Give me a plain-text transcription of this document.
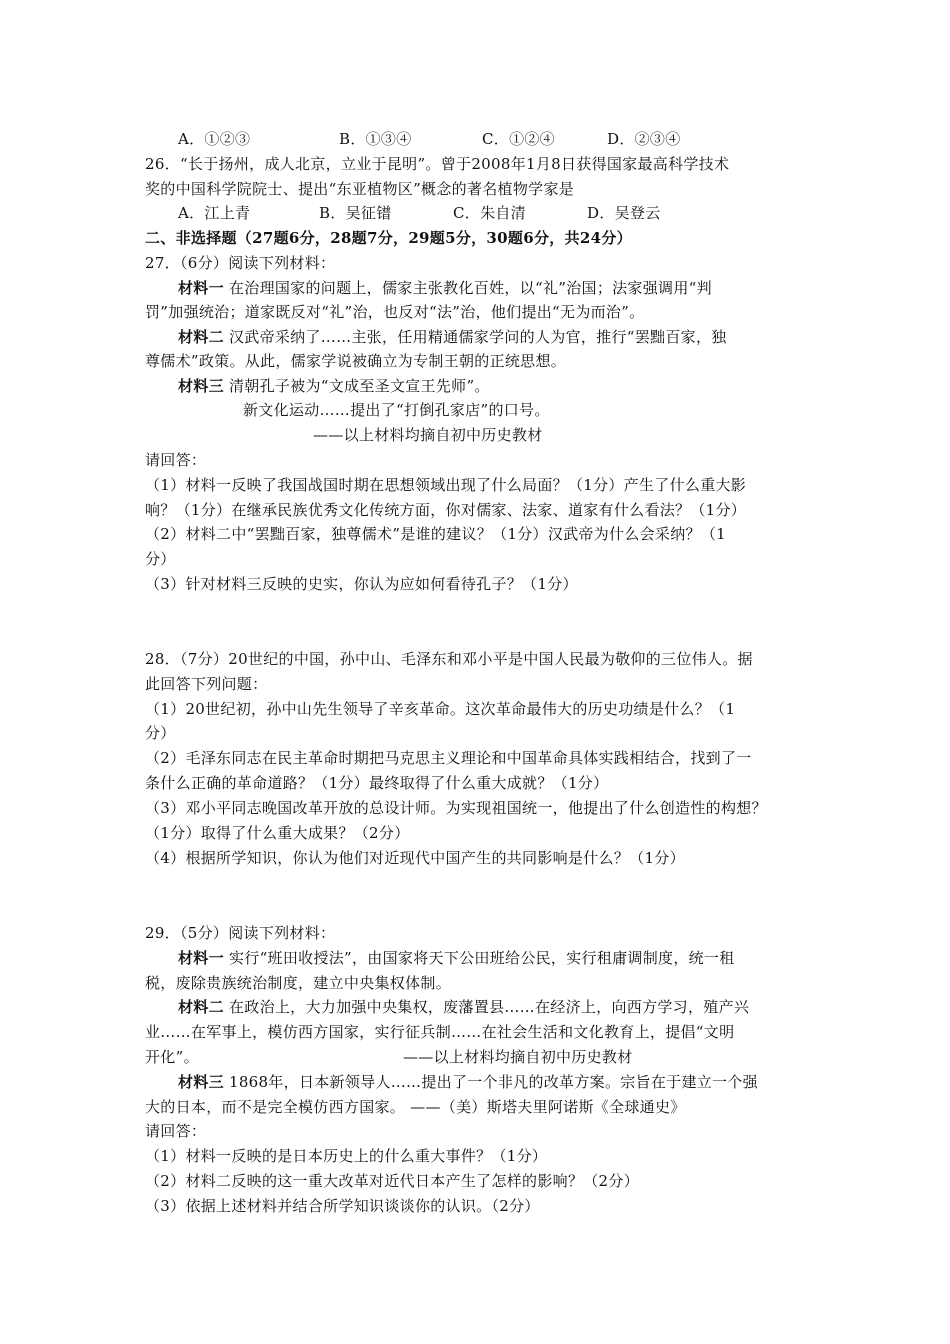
A．①②③	B．①③④	C．①②④	D．②③④
26．“长于扬州，成人北京，立业于昆明”。曾于2008年1月8日获得国家最高科学技术
奖的中国科学院院士、提出“东亚植物区”概念的著名植物学家是
A．江上青	B．吴征镨	C．朱自清	D．吴登云
二、非选择题（27题6分，28题7分，29题5分，30题6分，共24分）
27．（6分）阅读下列材料：
材料一 在治理国家的问题上，儒家主张教化百姓，以“礼”治国；法家强调用“判
罚”加强统治；道家既反对“礼”治，也反对“法”治，他们提出“无为而治”。
材料二 汉武帝采纳了……主张，任用精通儒家学问的人为官，推行“罢黜百家，独
尊儒术”政策。从此，儒家学说被确立为专制王朝的正统思想。
材料三 清朝孔子被为“文成至圣文宣王先师”。
新文化运动……提出了“打倒孔家店”的口号。
——以上材料均摘自初中历史教材
请回答：
（1）材料一反映了我国战国时期在思想领域出现了什么局面？（1分）产生了什么重大影
响？（1分）在继承民族优秀文化传统方面，你对儒家、法家、道家有什么看法？（1分）
（2）材料二中“罢黜百家，独尊儒术”是谁的建议？（1分）汉武帝为什么会采纳？（1
分）
（3）针对材料三反映的史实，你认为应如何看待孔子？（1分）
28．（7分）20世纪的中国，孙中山、毛泽东和邓小平是中国人民最为敬仰的三位伟人。据
此回答下列问题：
（1）20世纪初，孙中山先生领导了辛亥革命。这次革命最伟大的历史功绩是什么？（1
分）
（2）毛泽东同志在民主革命时期把马克思主义理论和中国革命具体实践相结合，找到了一
条什么正确的革命道路？（1分）最终取得了什么重大成就？（1分）
（3）邓小平同志晚国改革开放的总设计师。为实现祖国统一，他提出了什么创造性的构想？
（1分）取得了什么重大成果？（2分）
（4）根据所学知识，你认为他们对近现代中国产生的共同影响是什么？（1分）
29．（5分）阅读下列材料：
材料一 实行“班田收授法”，由国家将天下公田班给公民，实行租庸调制度，统一租
税，废除贵族统治制度，建立中央集权体制。
材料二 在政治上，大力加强中央集权，废藩置县……在经济上，向西方学习，殖产兴
业……在军事上，模仿西方国家，实行征兵制……在社会生活和文化教育上，提倡“文明
开化”。	——以上材料均摘自初中历史教材
材料三 1868年，日本新领导人……提出了一个非凡的改革方案。宗旨在于建立一个强
大的日本，而不是完全模仿西方国家。 ——（美）斯塔夫里阿诺斯《全球通史》
请回答：
（1）材料一反映的是日本历史上的什么重大事件？（1分）
（2）材料二反映的这一重大改革对近代日本产生了怎样的影响？（2分）
（3）依据上述材料并结合所学知识谈谈你的认识。（2分）
